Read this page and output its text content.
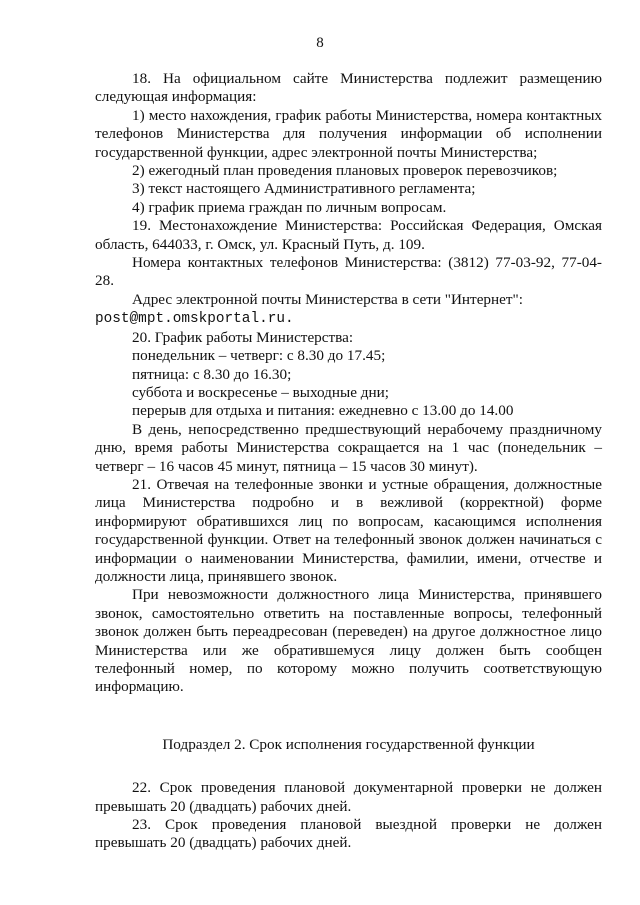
8

18. На официальном сайте Министерства подлежит размещению следующая информация:

1) место нахождения, график работы Министерства, номера контактных телефонов Министерства для получения информации об исполнении государственной функции, адрес электронной почты Министерства;

2) ежегодный план проведения плановых проверок перевозчиков;

3) текст настоящего Административного регламента;

4) график приема граждан по личным вопросам.

19. Местонахождение Министерства: Российская Федерация, Омская область, 644033, г. Омск, ул. Красный Путь, д. 109.

Номера контактных телефонов Министерства: (3812) 77-03-92, 77-04-28.

Адрес электронной почты Министерства в сети "Интернет":

post@mpt.omskportal.ru.

20. График работы Министерства:

понедельник – четверг: с 8.30 до 17.45;

пятница: с 8.30 до 16.30;

суббота и воскресенье – выходные дни;

перерыв для отдыха и питания: ежедневно с 13.00 до 14.00

В день, непосредственно предшествующий нерабочему праздничному дню, время работы Министерства сокращается на 1 час (понедельник – четверг – 16 часов 45 минут, пятница – 15 часов 30 минут).

21. Отвечая на телефонные звонки и устные обращения, должностные лица Министерства подробно и в вежливой (корректной) форме информируют обратившихся лиц по вопросам, касающимся исполнения государственной функции. Ответ на телефонный звонок должен начинаться с информации о наименовании Министерства, фамилии, имени, отчестве и должности лица, принявшего звонок.

При невозможности должностного лица Министерства, принявшего звонок, самостоятельно ответить на поставленные вопросы, телефонный звонок должен быть переадресован (переведен) на другое должностное лицо Министерства или же обратившемуся лицу должен быть сообщен телефонный номер, по которому можно получить соответствующую информацию.

Подраздел 2. Срок исполнения государственной функции

22. Срок проведения плановой документарной проверки не должен превышать 20 (двадцать) рабочих дней.

23. Срок проведения плановой выездной проверки не должен превышать 20 (двадцать) рабочих дней.
